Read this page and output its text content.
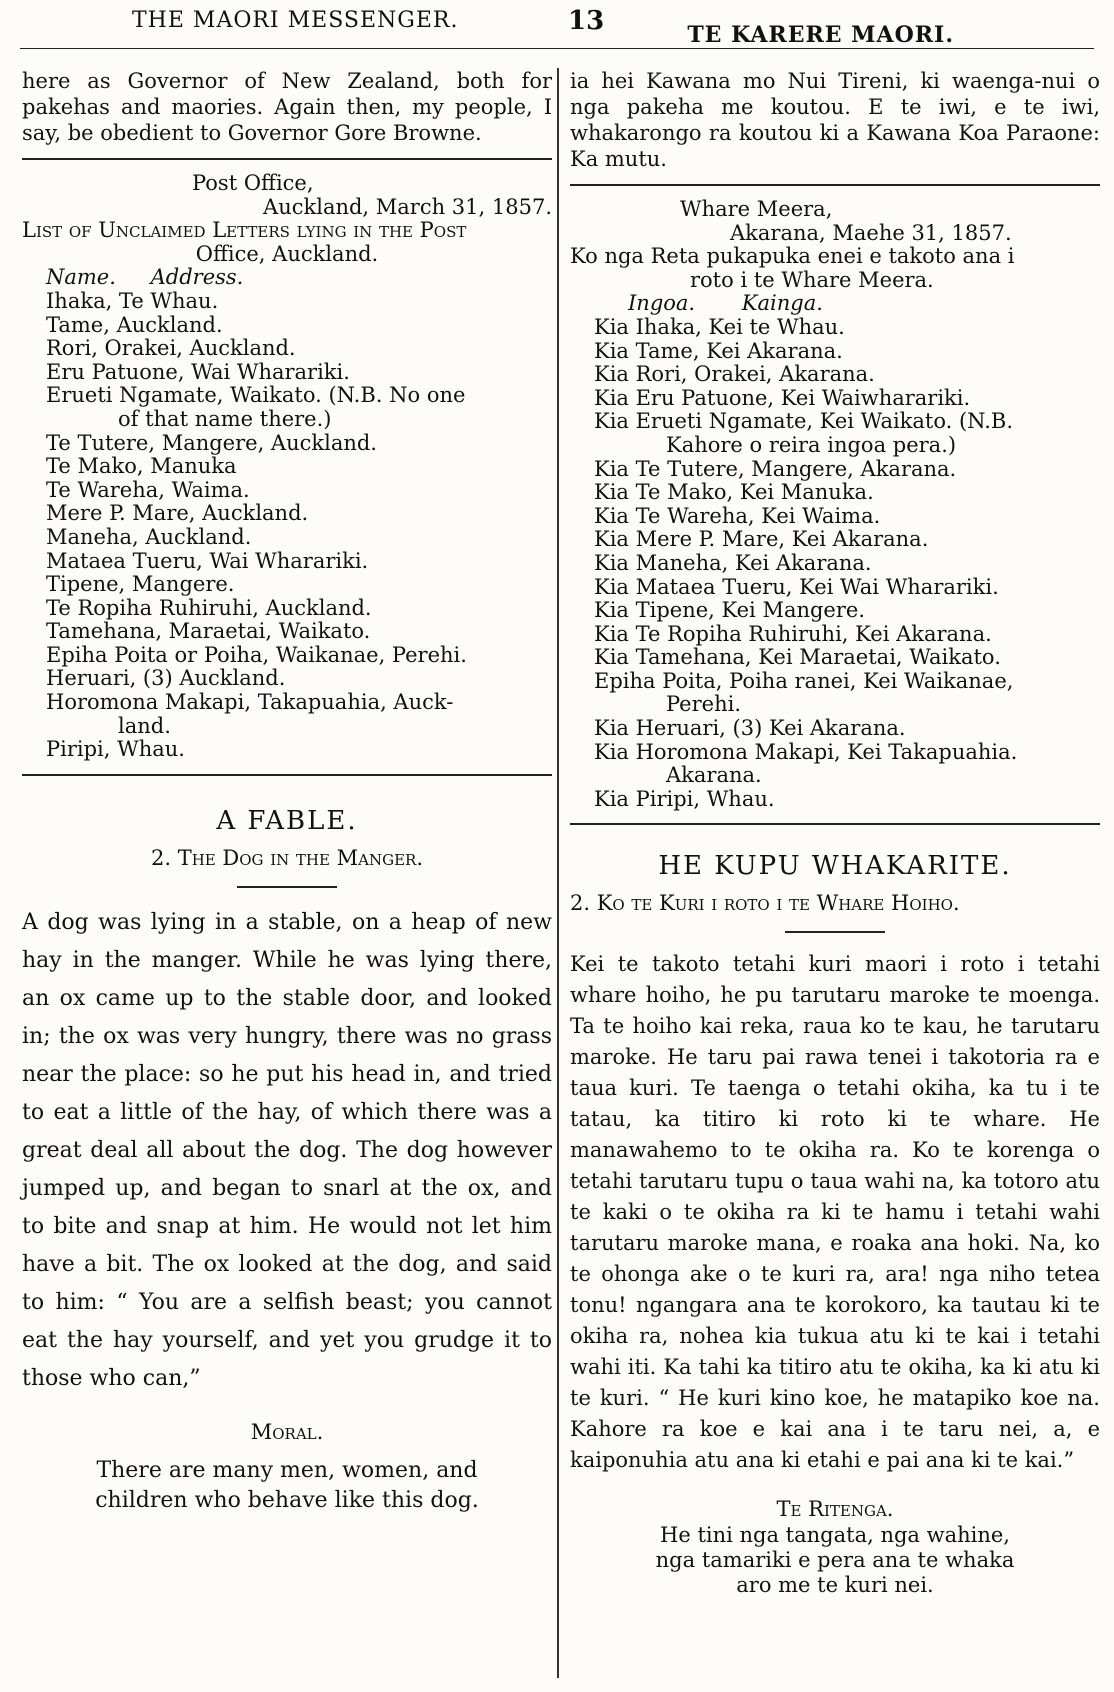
THE MAORI MESSENGER.	13	TE KARERE MAORI.

here as Governor of New Zealand, both for pakehas and maories. Again then, my people, I say, be obedient to Governor Gore Browne.

Post Office,
Auckland, March 31, 1857.
List of Unclaimed Letters lying in the Post
Office, Auckland.
Name. Address.
Ihaka, Te Whau.
Tame, Auckland.
Rori, Orakei, Auckland.
Eru Patuone, Wai Wharariki.
Erueti Ngamate, Waikato. (N.B. No one
of that name there.)
Te Tutere, Mangere, Auckland.
Te Mako, Manuka
Te Wareha, Waima.
Mere P. Mare, Auckland.
Maneha, Auckland.
Mataea Tueru, Wai Wharariki.
Tipene, Mangere.
Te Ropiha Ruhiruhi, Auckland.
Tamehana, Maraetai, Waikato.
Epiha Poita or Poiha, Waikanae, Perehi.
Heruari, (3) Auckland.
Horomona Makapi, Takapuahia, Auck-
land.
Piripi, Whau.
A FABLE.
2. The Dog in the Manger.

A dog was lying in a stable, on a heap of new hay in the manger. While he was lying there, an ox came up to the stable door, and looked in; the ox was very hungry, there was no grass near the place: so he put his head in, and tried to eat a little of the hay, of which there was a great deal all about the dog. The dog however jumped up, and began to snarl at the ox, and to bite and snap at him. He would not let him have a bit. The ox looked at the dog, and said to him: “ You are a selfish beast; you cannot eat the hay yourself, and yet you grudge it to those who can,”

Moral.
There are many men, women, and
children who behave like this dog.

ia hei Kawana mo Nui Tireni, ki waenga-nui o nga pakeha me koutou. E te iwi, e te iwi, whakarongo ra koutou ki a Kawana Koa Paraone: Ka mutu.

Whare Meera,
Akarana, Maehe 31, 1857.
Ko nga Reta pukapuka enei e takoto ana i
roto i te Whare Meera.
Ingoa. Kainga.
Kia Ihaka, Kei te Whau.
Kia Tame, Kei Akarana.
Kia Rori, Orakei, Akarana.
Kia Eru Patuone, Kei Waiwharariki.
Kia Erueti Ngamate, Kei Waikato. (N.B.
Kahore o reira ingoa pera.)
Kia Te Tutere, Mangere, Akarana.
Kia Te Mako, Kei Manuka.
Kia Te Wareha, Kei Waima.
Kia Mere P. Mare, Kei Akarana.
Kia Maneha, Kei Akarana.
Kia Mataea Tueru, Kei Wai Wharariki.
Kia Tipene, Kei Mangere.
Kia Te Ropiha Ruhiruhi, Kei Akarana.
Kia Tamehana, Kei Maraetai, Waikato.
Epiha Poita, Poiha ranei, Kei Waikanae,
Perehi.
Kia Heruari, (3) Kei Akarana.
Kia Horomona Makapi, Kei Takapuahia.
Akarana.
Kia Piripi, Whau.
HE KUPU WHAKARITE.
2. Ko te Kuri i roto i te Whare Hoiho.

Kei te takoto tetahi kuri maori i roto i tetahi whare hoiho, he pu tarutaru maroke te moenga. Ta te hoiho kai reka, raua ko te kau, he tarutaru maroke. He taru pai rawa tenei i takotoria ra e taua kuri. Te taenga o tetahi okiha, ka tu i te tatau, ka titiro ki roto ki te whare. He manawahemo to te okiha ra. Ko te korenga o tetahi tarutaru tupu o taua wahi na, ka totoro atu te kaki o te okiha ra ki te hamu i tetahi wahi tarutaru maroke mana, e roaka ana hoki. Na, ko te ohonga ake o te kuri ra, ara! nga niho tetea tonu! ngangara ana te korokoro, ka tautau ki te okiha ra, nohea kia tukua atu ki te kai i tetahi wahi iti. Ka tahi ka titiro atu te okiha, ka ki atu ki te kuri. “ He kuri kino koe, he matapiko koe na. Kahore ra koe e kai ana i te taru nei, a, e kaiponuhia atu ana ki etahi e pai ana ki te kai.”

Te Ritenga.
He tini nga tangata, nga wahine,
nga tamariki e pera ana te whaka
aro me te kuri nei.
